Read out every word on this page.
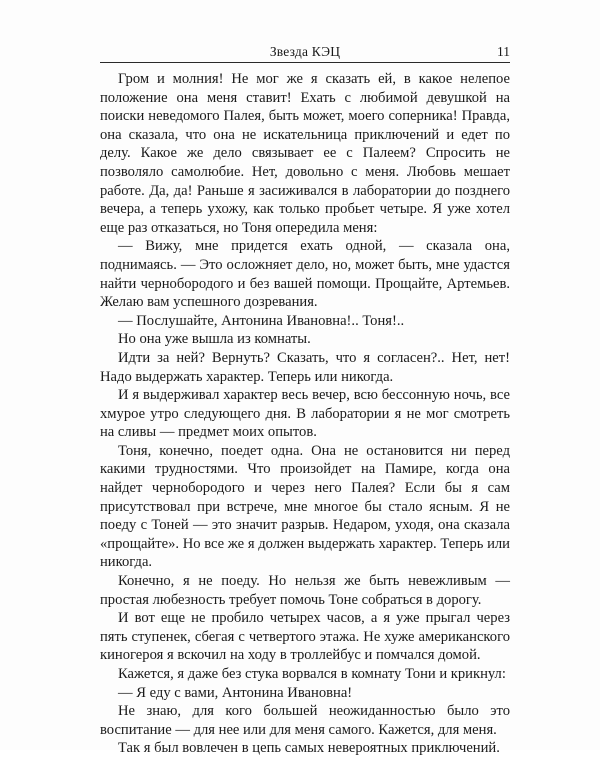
Звезда КЭЦ	11

Гром и молния! Не мог же я сказать ей, в какое нелепое положение она меня ставит! Ехать с любимой девушкой на поиски неведомого Палея, быть может, моего соперника! Правда, она сказала, что она не искательница приключений и едет по делу. Какое же дело связывает ее с Палеем? Спросить не позволяло самолюбие. Нет, довольно с меня. Любовь мешает работе. Да, да! Раньше я засиживался в лаборатории до позднего вечера, а теперь ухожу, как только пробьет четыре. Я уже хотел еще раз отказаться, но Тоня опередила меня:

— Вижу, мне придется ехать одной, — сказала она, поднимаясь. — Это осложняет дело, но, может быть, мне удастся найти чернобородого и без вашей помощи. Прощайте, Артемьев. Желаю вам успешного дозревания.

— Послушайте, Антонина Ивановна!.. Тоня!..

Но она уже вышла из комнаты.

Идти за ней? Вернуть? Сказать, что я согласен?.. Нет, нет! Надо выдержать характер. Теперь или никогда.

И я выдерживал характер весь вечер, всю бессонную ночь, все хмурое утро следующего дня. В лаборатории я не мог смотреть на сливы — предмет моих опытов.

Тоня, конечно, поедет одна. Она не остановится ни перед какими трудностями. Что произойдет на Памире, когда она найдет чернобородого и через него Палея? Если бы я сам присутствовал при встрече, мне многое бы стало ясным. Я не поеду с Тоней — это значит разрыв. Недаром, уходя, она сказала «прощайте». Но все же я должен выдержать характер. Теперь или никогда.

Конечно, я не поеду. Но нельзя же быть невежливым — простая любезность требует помочь Тоне собраться в дорогу.

И вот еще не пробило четырех часов, а я уже прыгал через пять ступенек, сбегая с четвертого этажа. Не хуже американского киногероя я вскочил на ходу в троллейбус и помчался домой.

Кажется, я даже без стука ворвался в комнату Тони и крикнул:

— Я еду с вами, Антонина Ивановна!

Не знаю, для кого большей неожиданностью было это воспитание — для нее или для меня самого. Кажется, для меня.

Так я был вовлечен в цепь самых невероятных приключений.
